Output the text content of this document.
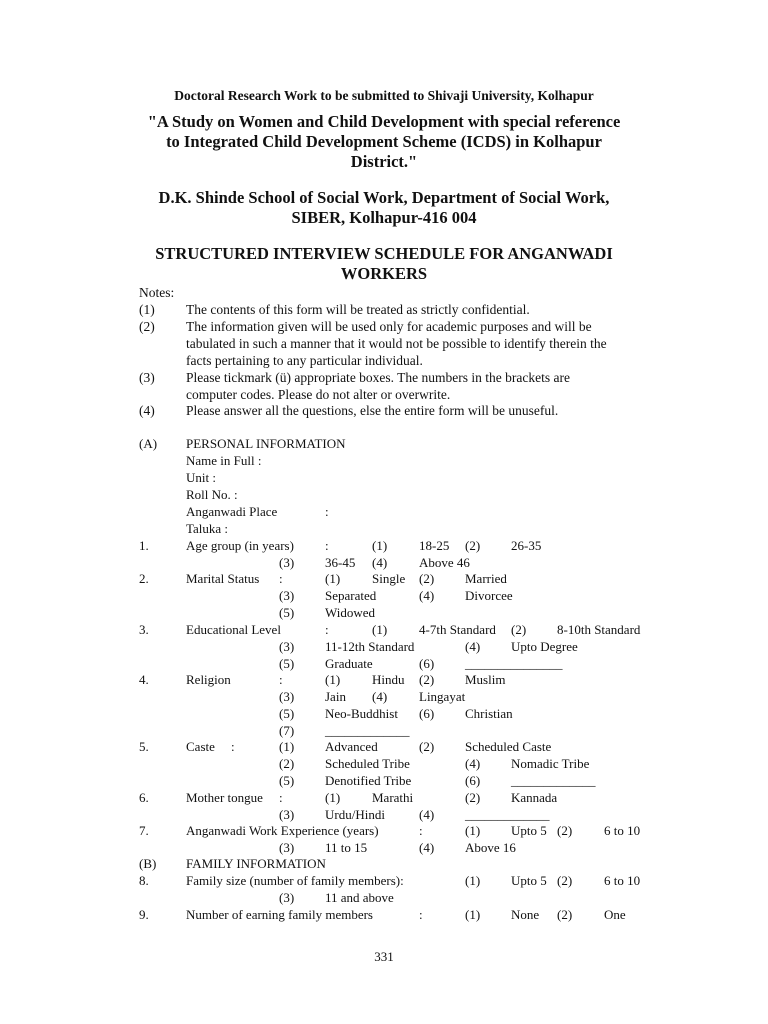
Doctoral Research Work to be submitted to Shivaji University, Kolhapur
"A Study on Women and Child Development with special reference
to Integrated Child Development Scheme (ICDS) in Kolhapur
District."
D.K. Shinde School of Social Work, Department of Social Work,
SIBER, Kolhapur-416 004
STRUCTURED INTERVIEW SCHEDULE FOR ANGANWADI
WORKERS
Notes:
(1) The contents of this form will be treated as strictly confidential.
(2) The information given will be used only for academic purposes and will be
tabulated in such a manner that it would not be possible to identify therein the
facts pertaining to any particular individual.
(3) Please tickmark (ü) appropriate boxes. The numbers in the brackets are
computer codes. Please do not alter or overwrite.
(4) Please answer all the questions, else the entire form will be unuseful.
(A) PERSONAL INFORMATION
Name in Full :
Unit :
Roll No. :
Anganwadi Place	:
Taluka :
1.	Age group (in years) :	(1) 18-25 (2) 26-35
(3) 36-45 (4) Above 46
2.	Marital Status :	(1) Single (2) Married
(3) Separated	(4) Divorcee
(5) Widowed
3.	Educational Level	:	(1) 4-7th Standard (2) 8-10th Standard
(3) 11-12th Standard	(4) Upto Degree
(5) Graduate	(6) _______________
4.	Religion	:	(1) Hindu (2) Muslim
(3) Jain (4) Lingayat
(5) Neo-Buddhist (6) Christian
(7) _____________
5.	Caste :	(1) Advanced	(2) Scheduled Caste
(2) Scheduled Tribe	(4) Nomadic Tribe
(5) Denotified Tribe	(6) _____________
6.	Mother tongue :	(1) Marathi	(2) Kannada
(3) Urdu/Hindi	(4) _____________
7.	Anganwadi Work Experience (years)	:	(1) Upto 5 (2) 6 to 10
(3) 11 to 15	(4) Above 16
(B) FAMILY INFORMATION
8.	Family size (number of family members):	(1) Upto 5 (2) 6 to 10
(3) 11 and above
9.	Number of earning family members	:	(1) None (2) One
331
